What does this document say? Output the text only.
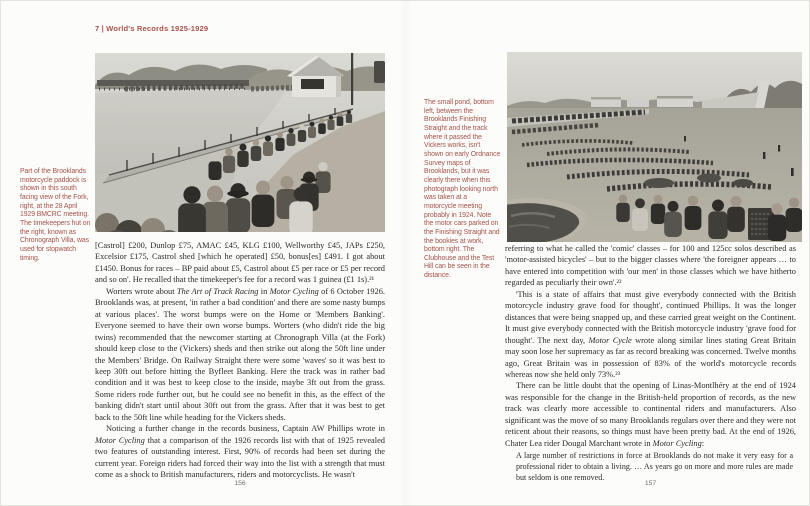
7 | World's Records 1925-1929
Part of the Brooklands motorcycle paddock is shown in this south facing view of the Fork, right, at the 28 April 1929 BMCRC meeting. The timekeepers hut on the right, known as Chronograph Villa, was used for stopwatch timing.
The small pond, bottom left, between the Brooklands Finishing Straight and the track where it passed the Vickers works, isn't shown on early Ordnance Survey maps of Brooklands, but it was clearly there when this photograph looking north was taken at a motorcycle meeting probably in 1924. Note the motor cars parked on the Finishing Straight and the bookies at work, bottom right. The Clubhouse and the Test Hill can be seen in the distance.

[Castrol] £200, Dunlop £75, AMAC £45, KLG £100, Wellworthy £45, JAPs £250, Excelsior £175, Castrol shed [which he operated] £50, bonus[es] £491. I got about £1450. Bonus for races – BP paid about £5, Castrol about £5 per race or £5 per record and so on'. He recalled that the timekeeper's fee for a record was 1 guinea (£1 1s).²¹

Worters wrote about The Art of Track Racing in Motor Cycling of 6 October 1926. Brooklands was, at present, 'in rather a bad condition' and there are some nasty bumps at various places'. The worst bumps were on the Home or 'Members Banking'. Everyone seemed to have their own worse bumps. Worters (who didn't ride the big twins) recommended that the newcomer starting at Chronograph Villa (at the Fork) should keep close to the (Vickers) sheds and then strike out along the 50ft line under the Members' Bridge. On Railway Straight there were some 'waves' so it was best to keep 30ft out before hitting the Byfleet Banking. Here the track was in rather bad condition and it was best to keep close to the inside, maybe 3ft out from the grass. Some riders rode further out, but he could see no benefit in this, as the effect of the banking didn't start until about 30ft out from the grass. After that it was best to get back to the 50ft line while heading for the Vickers sheds.

Noticing a further change in the records business, Captain AW Phillips wrote in Motor Cycling that a comparison of the 1926 records list with that of 1925 revealed two features of outstanding interest. First, 90% of records had been set during the current year. Foreign riders had forced their way into the list with a strength that must come as a shock to British manufacturers, riders and motorcyclists. He wasn't

referring to what he called the 'comic' classes – for 100 and 125cc solos described as 'motor-assisted bicycles' – but to the bigger classes where 'the foreigner appears … to have entered into competition with 'our men' in those classes which we have hitherto regarded as peculiarly their own'.²²

'This is a state of affairs that must give everybody connected with the British motorcycle industry grave food for thought', continued Phillips. It was the longer distances that were being snapped up, and these carried great weight on the Continent. It must give everybody connected with the British motorcycle industry 'grave food for thought'. The next day, Motor Cycle wrote along similar lines stating Great Britain may soon lose her supremacy as far as record breaking was concerned. Twelve months ago, Great Britain was in possession of 83% of the world's motorcycle records whereas now she held only 73%.²³

There can be little doubt that the opening of Linas-Montlhéry at the end of 1924 was responsible for the change in the British-held proportion of records, as the new track was clearly more accessible to continental riders and manufacturers. Also significant was the move of so many Brooklands regulars over there and they were not reticent about their reasons, so things must have been pretty bad. At the end of 1926, Chater Lea rider Dougal Marchant wrote in Motor Cycling:

A large number of restrictions in force at Brooklands do not make it very easy for a professional rider to obtain a living. … As years go on more and more rules are made but seldom is one removed.

156	157
